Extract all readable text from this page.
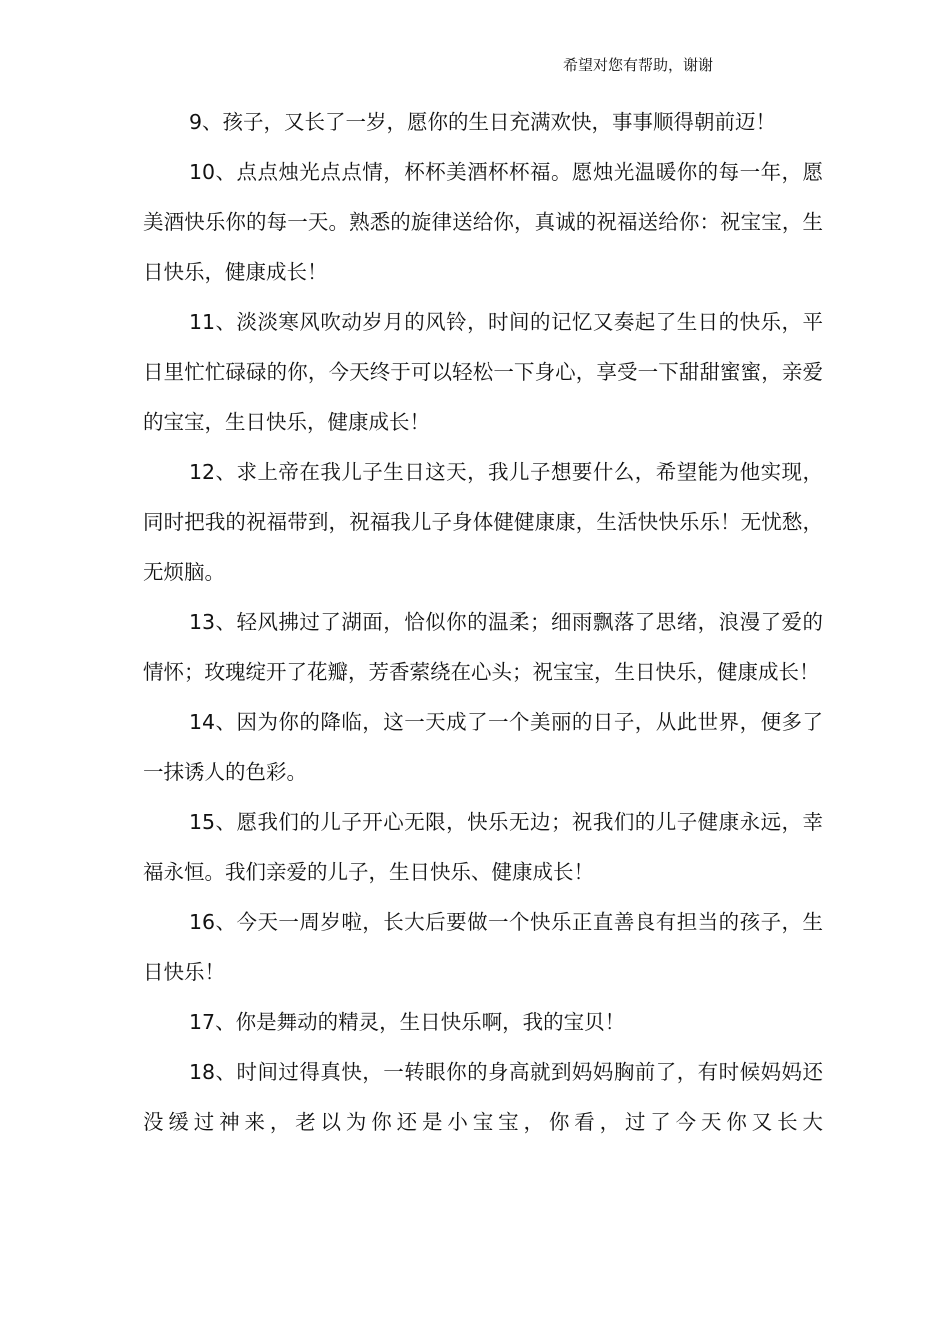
希望对您有帮助，谢谢

9、孩子，又长了一岁，愿你的生日充满欢快，事事顺得朝前迈！

10、点点烛光点点情，杯杯美酒杯杯福。愿烛光温暖你的每一年，愿美酒快乐你的每一天。熟悉的旋律送给你，真诚的祝福送给你：祝宝宝，生日快乐，健康成长！

11、淡淡寒风吹动岁月的风铃，时间的记忆又奏起了生日的快乐，平日里忙忙碌碌的你，今天终于可以轻松一下身心，享受一下甜甜蜜蜜，亲爱的宝宝，生日快乐，健康成长！

12、求上帝在我儿子生日这天，我儿子想要什么，希望能为他实现，同时把我的祝福带到，祝福我儿子身体健健康康，生活快快乐乐！无忧愁，无烦脑。

13、轻风拂过了湖面，恰似你的温柔；细雨飘落了思绪，浪漫了爱的情怀；玫瑰绽开了花瓣，芳香萦绕在心头；祝宝宝，生日快乐，健康成长！

14、因为你的降临，这一天成了一个美丽的日子，从此世界，便多了一抹诱人的色彩。

15、愿我们的儿子开心无限，快乐无边；祝我们的儿子健康永远，幸福永恒。我们亲爱的儿子，生日快乐、健康成长！

16、今天一周岁啦，长大后要做一个快乐正直善良有担当的孩子，生日快乐！

17、你是舞动的精灵，生日快乐啊，我的宝贝！

18、时间过得真快，一转眼你的身高就到妈妈胸前了，有时候妈妈还没缓过神来，老以为你还是小宝宝，你看，过了今天你又长大
